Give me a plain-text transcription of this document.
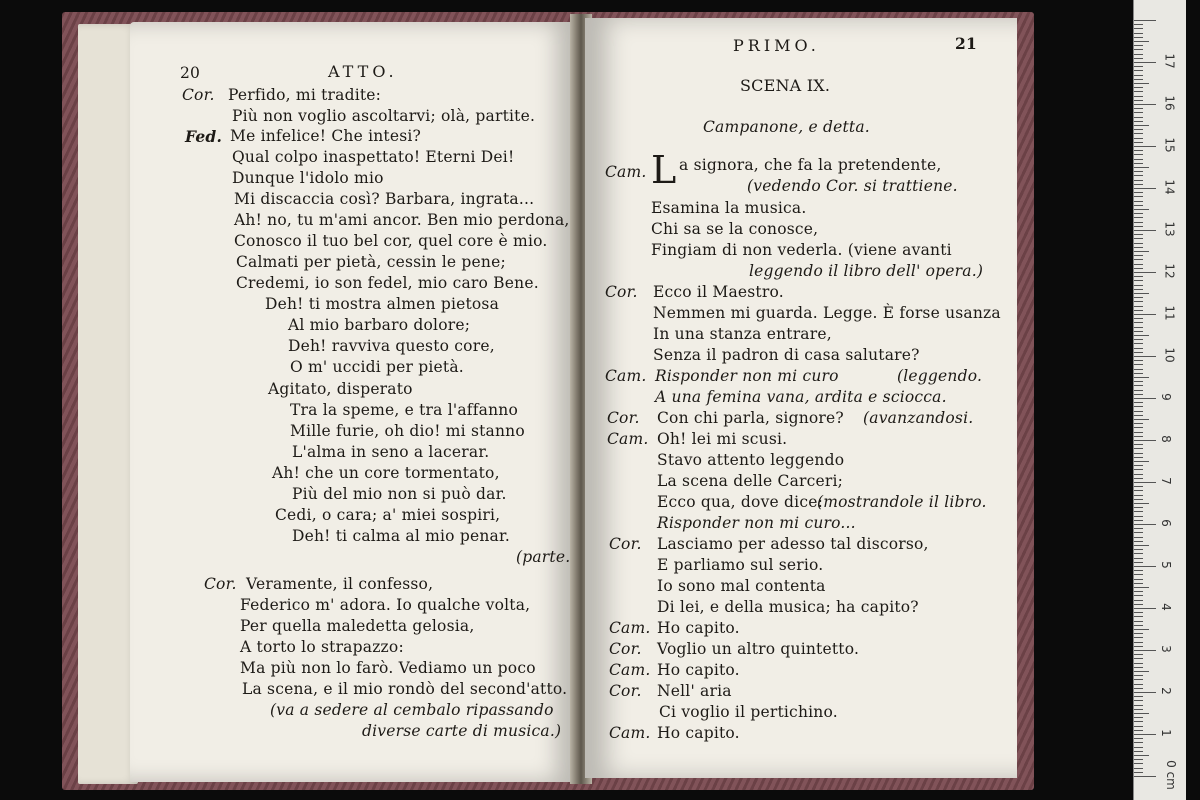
20	ATTO.
Cor. Perfido, mi tradite:
Più non voglio ascoltarvi; olà, partite.
Fed. Me infelice! Che intesi?
Qual colpo inaspettato! Eterni Dei!
Dunque l'idolo mio
Mi discaccia così? Barbara, ingrata...
Ah! no, tu m'ami ancor. Ben mio perdona,
Conosco il tuo bel cor, quel core è mio.
Calmati per pietà, cessin le pene;
Credemi, io son fedel, mio caro Bene.
Deh! ti mostra almen pietosa
Al mio barbaro dolore;
Deh! ravviva questo core,
O m' uccidi per pietà.
Agitato, disperato
Tra la speme, e tra l'affanno
Mille furie, oh dio! mi stanno
L'alma in seno a lacerar.
Ah! che un core tormentato,
Più del mio non si può dar.
Cedi, o cara; a' miei sospiri,
Deh! ti calma al mio penar.
(parte.
Cor. Veramente, il confesso,
Federico m' adora. Io qualche volta,
Per quella maledetta gelosia,
A torto lo strapazzo:
Ma più non lo farò. Vediamo un poco
La scena, e il mio rondò del second'atto.
(va a sedere al cembalo ripassando
diverse carte di musica.)
PRIMO.	21
SCENA IX.
Campanone, e detta.
Cam. L a signora, che fa la pretendente,
(vedendo Cor. si trattiene.
Esamina la musica.
Chi sa se la conosce,
Fingiam di non vederla. (viene avanti
leggendo il libro dell' opera.)
Cor. Ecco il Maestro.
Nemmen mi guarda. Legge. È forse usanza
In una stanza entrare,
Senza il padron di casa salutare?
Cam. Risponder non mi curo	(leggendo.
A una femina vana, ardita e sciocca.
Cor. Con chi parla, signore? (avanzandosi.
Cam. Oh! lei mi scusi.
Stavo attento leggendo
La scena delle Carceri;
Ecco qua, dove dice:
(mostrandole il libro.
Risponder non mi curo...
Cor. Lasciamo per adesso tal discorso,
E parliamo sul serio.
Io sono mal contenta
Di lei, e della musica; ha capito?
Cam. Ho capito.
Cor. Voglio un altro quintetto.
Cam. Ho capito.
Cor. Nell' aria
Ci voglio il pertichino.
Cam. Ho capito.
0 cm
1
2
3
4
5
6
7
8
9
10
11
12
13
14
15
16
17
